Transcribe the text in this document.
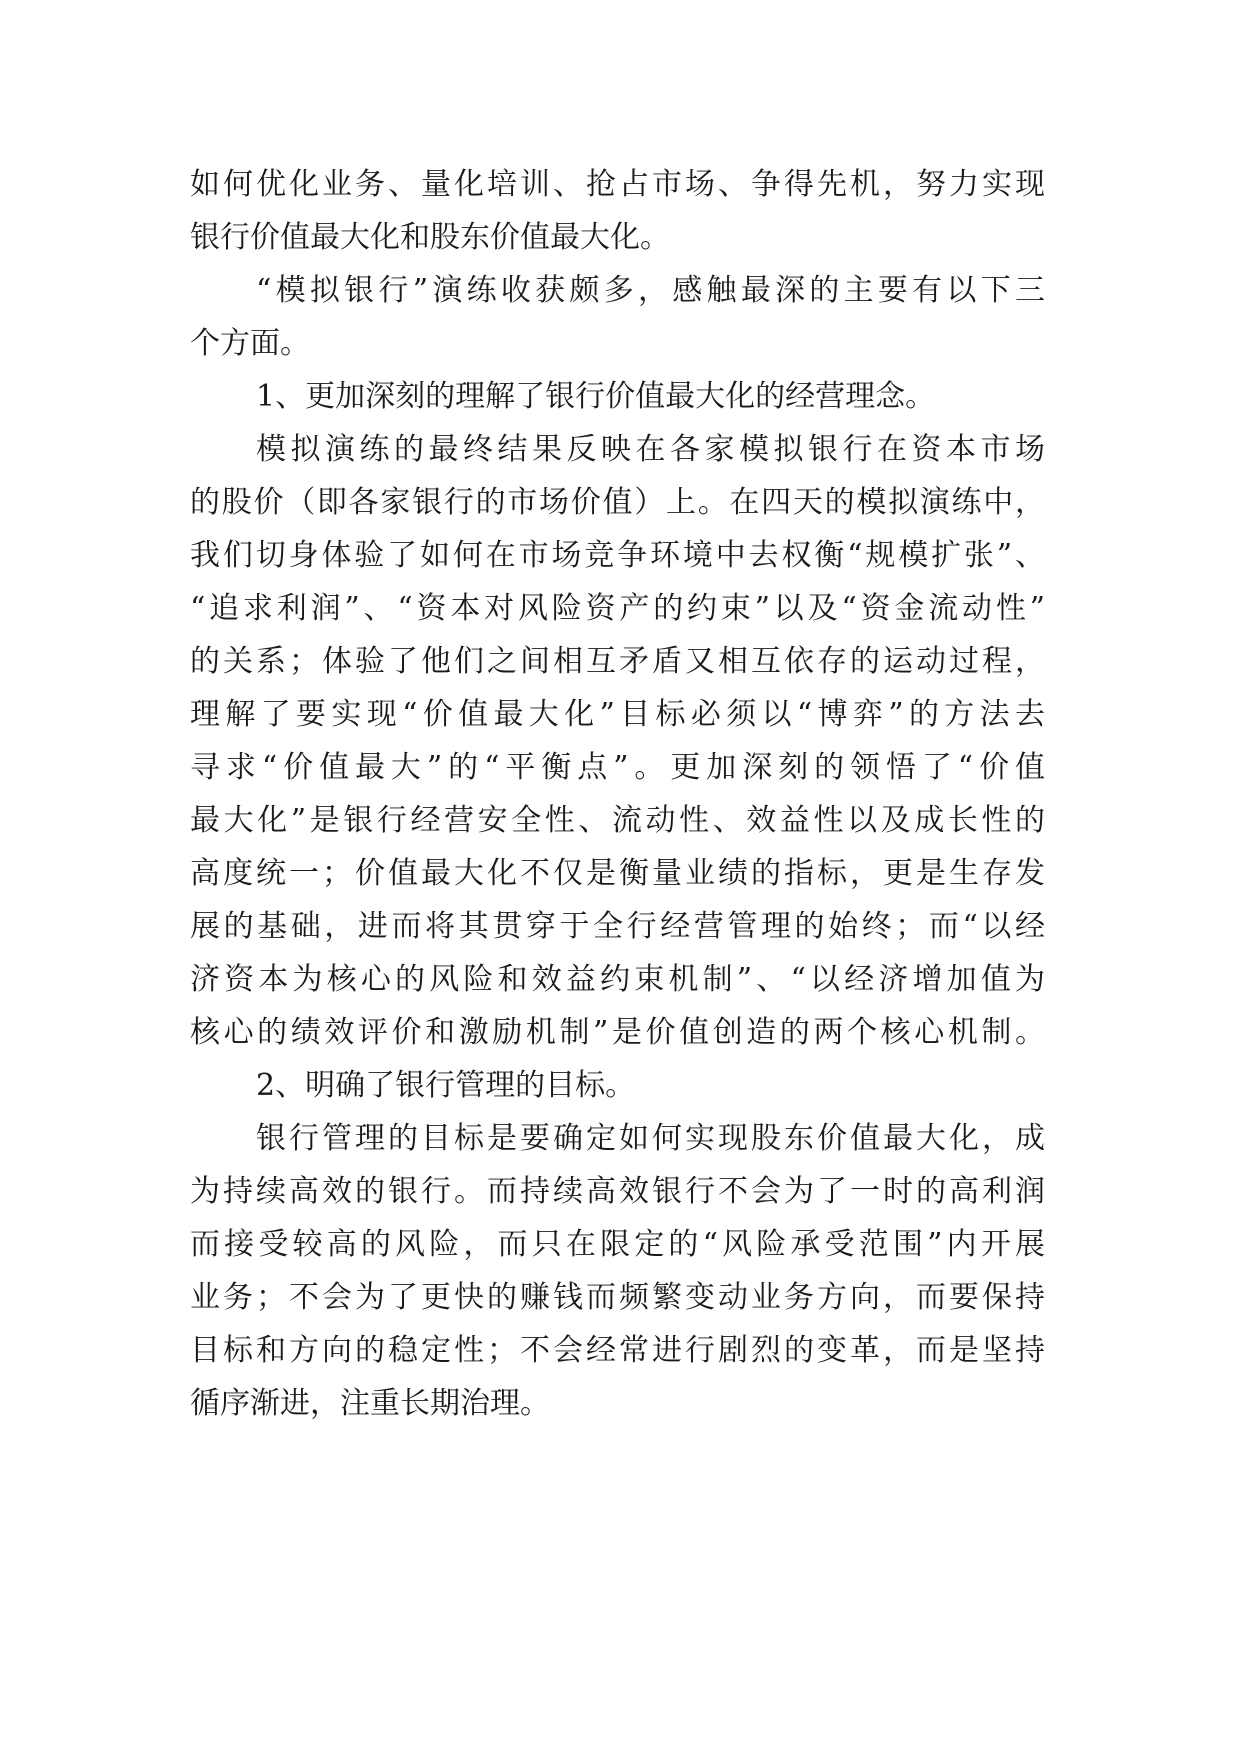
如何优化业务、量化培训、抢占市场、争得先机，努力实现
银行价值最大化和股东价值最大化。
“模拟银行”演练收获颇多，感触最深的主要有以下三
个方面。
1、更加深刻的理解了银行价值最大化的经营理念。
模拟演练的最终结果反映在各家模拟银行在资本市场
的股价（即各家银行的市场价值）上。在四天的模拟演练中，
我们切身体验了如何在市场竞争环境中去权衡“规模扩张”、
“追求利润”、“资本对风险资产的约束”以及“资金流动性”
的关系；体验了他们之间相互矛盾又相互依存的运动过程，
理解了要实现“价值最大化”目标必须以“博弈”的方法去
寻求“价值最大”的“平衡点”。更加深刻的领悟了“价值
最大化”是银行经营安全性、流动性、效益性以及成长性的
高度统一；价值最大化不仅是衡量业绩的指标，更是生存发
展的基础，进而将其贯穿于全行经营管理的始终；而“以经
济资本为核心的风险和效益约束机制”、“以经济增加值为
核心的绩效评价和激励机制”是价值创造的两个核心机制。
2、明确了银行管理的目标。
银行管理的目标是要确定如何实现股东价值最大化，成
为持续高效的银行。而持续高效银行不会为了一时的高利润
而接受较高的风险，而只在限定的“风险承受范围”内开展
业务；不会为了更快的赚钱而频繁变动业务方向，而要保持
目标和方向的稳定性；不会经常进行剧烈的变革，而是坚持
循序渐进，注重长期治理。
